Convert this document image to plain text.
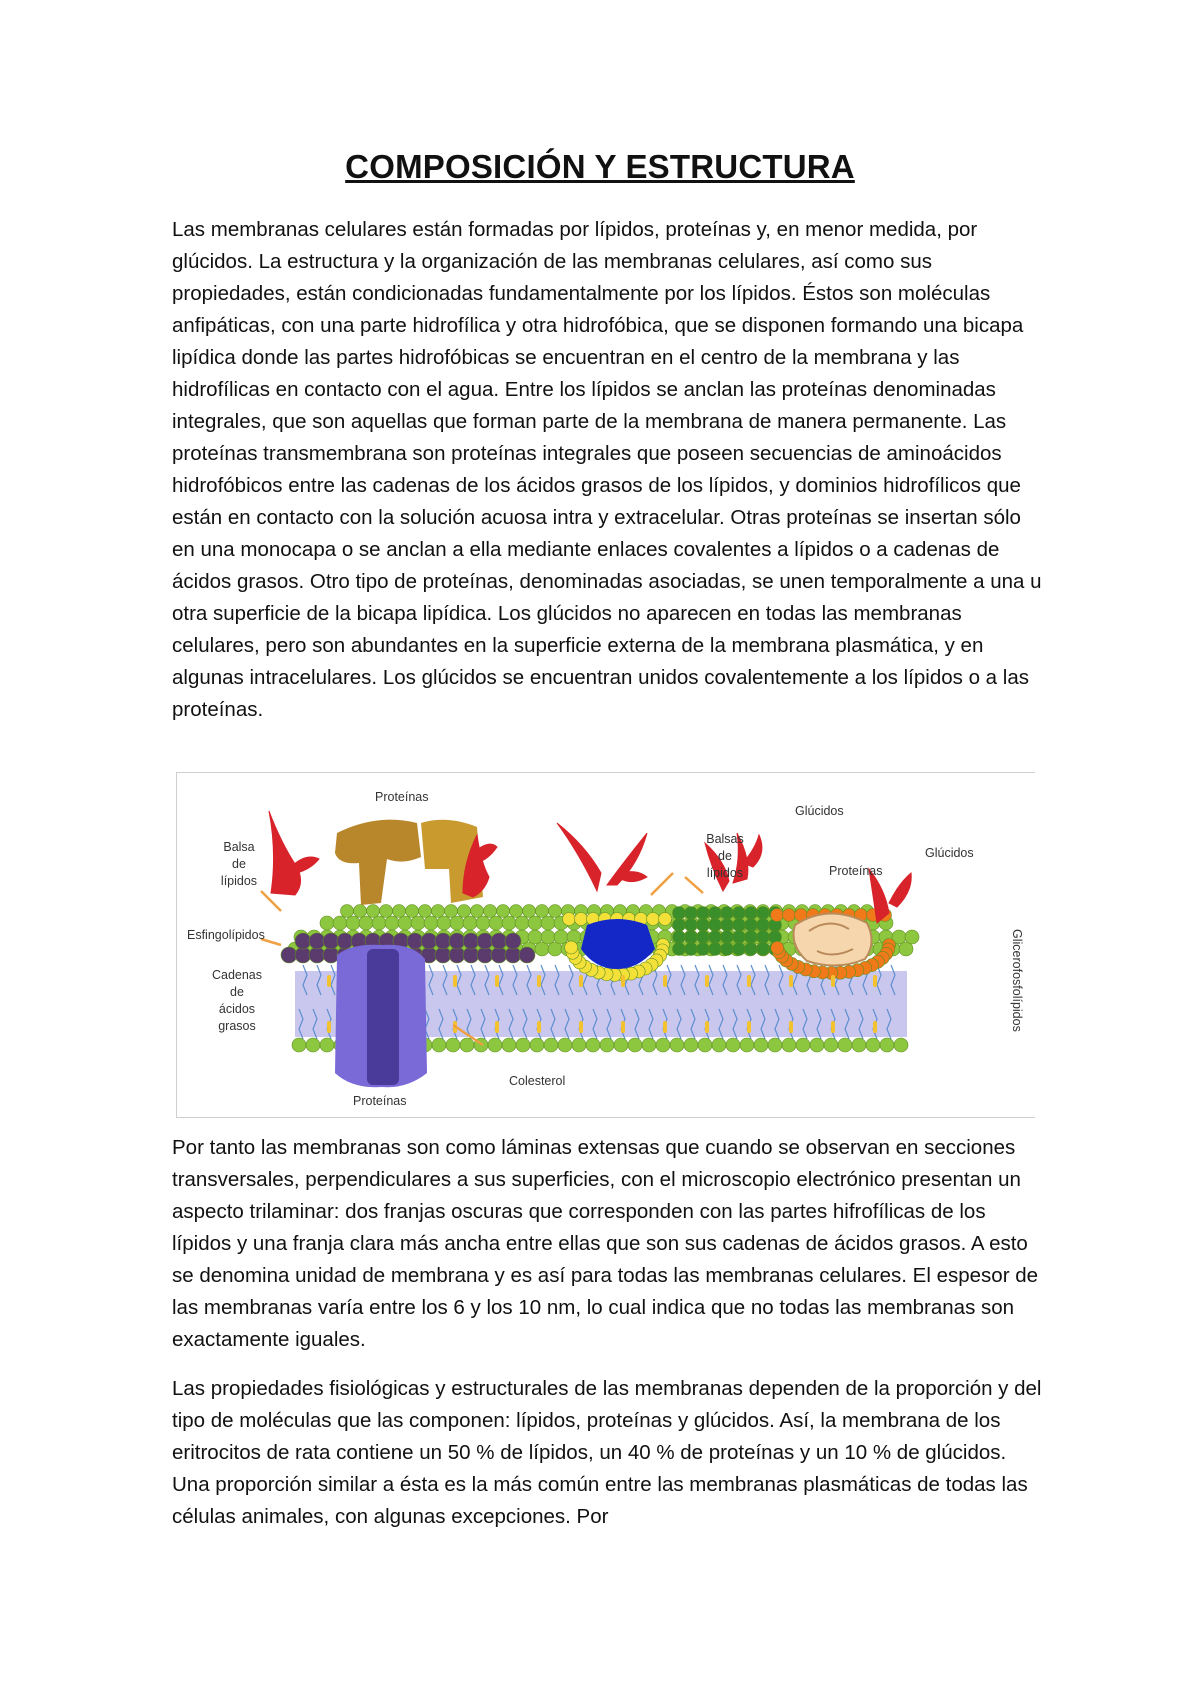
COMPOSICIÓN Y ESTRUCTURA

Las membranas celulares están formadas por lípidos, proteínas y, en menor medida, por glúcidos. La estructura y la organización de las membranas celulares, así como sus propiedades, están condicionadas fundamentalmente por los lípidos. Éstos son moléculas anfipáticas, con una parte hidrofílica y otra hidrofóbica, que se disponen formando una bicapa lipídica donde las partes hidrofóbicas se encuentran en el centro de la membrana y las hidrofílicas en contacto con el agua. Entre los lípidos se anclan las proteínas denominadas integrales, que son aquellas que forman parte de la membrana de manera permanente. Las proteínas transmembrana son proteínas integrales que poseen secuencias de aminoácidos hidrofóbicos entre las cadenas de los ácidos grasos de los lípidos, y dominios hidrofílicos que están en contacto con la solución acuosa intra y extracelular. Otras proteínas se insertan sólo en una monocapa o se anclan a ella mediante enlaces covalentes a lípidos o a cadenas de ácidos grasos. Otro tipo de proteínas, denominadas asociadas, se unen temporalmente a una u otra superficie de la bicapa lipídica. Los glúcidos no aparecen en todas las membranas celulares, pero son abundantes en la superficie externa de la membrana plasmática, y en algunas intracelulares. Los glúcidos se encuentran unidos covalentemente a los lípidos o a las proteínas.

Proteínas
Balsa
de
lípidos
Esfingolípidos
Cadenas
de
ácidos
grasos
Proteínas
Colesterol
Balsas
de
lípidos
Glúcidos
Proteínas
Glúcidos
Glicerofosfolípidos

Por tanto las membranas son como láminas extensas que cuando se observan en secciones transversales, perpendiculares a sus superficies, con el microscopio electrónico presentan un aspecto trilaminar: dos franjas oscuras que corresponden con las partes hifrofílicas de los lípidos y una franja clara más ancha entre ellas que son sus cadenas de ácidos grasos. A esto se denomina unidad de membrana y es así para todas las membranas celulares. El espesor de las membranas varía entre los 6 y los 10 nm, lo cual indica que no todas las membranas son exactamente iguales.

Las propiedades fisiológicas y estructurales de las membranas dependen de la proporción y del tipo de moléculas que las componen: lípidos, proteínas y glúcidos. Así, la membrana de los eritrocitos de rata contiene un 50 % de lípidos, un 40 % de proteínas y un 10 % de glúcidos. Una proporción similar a ésta es la más común entre las membranas plasmáticas de todas las células animales, con algunas excepciones. Por
